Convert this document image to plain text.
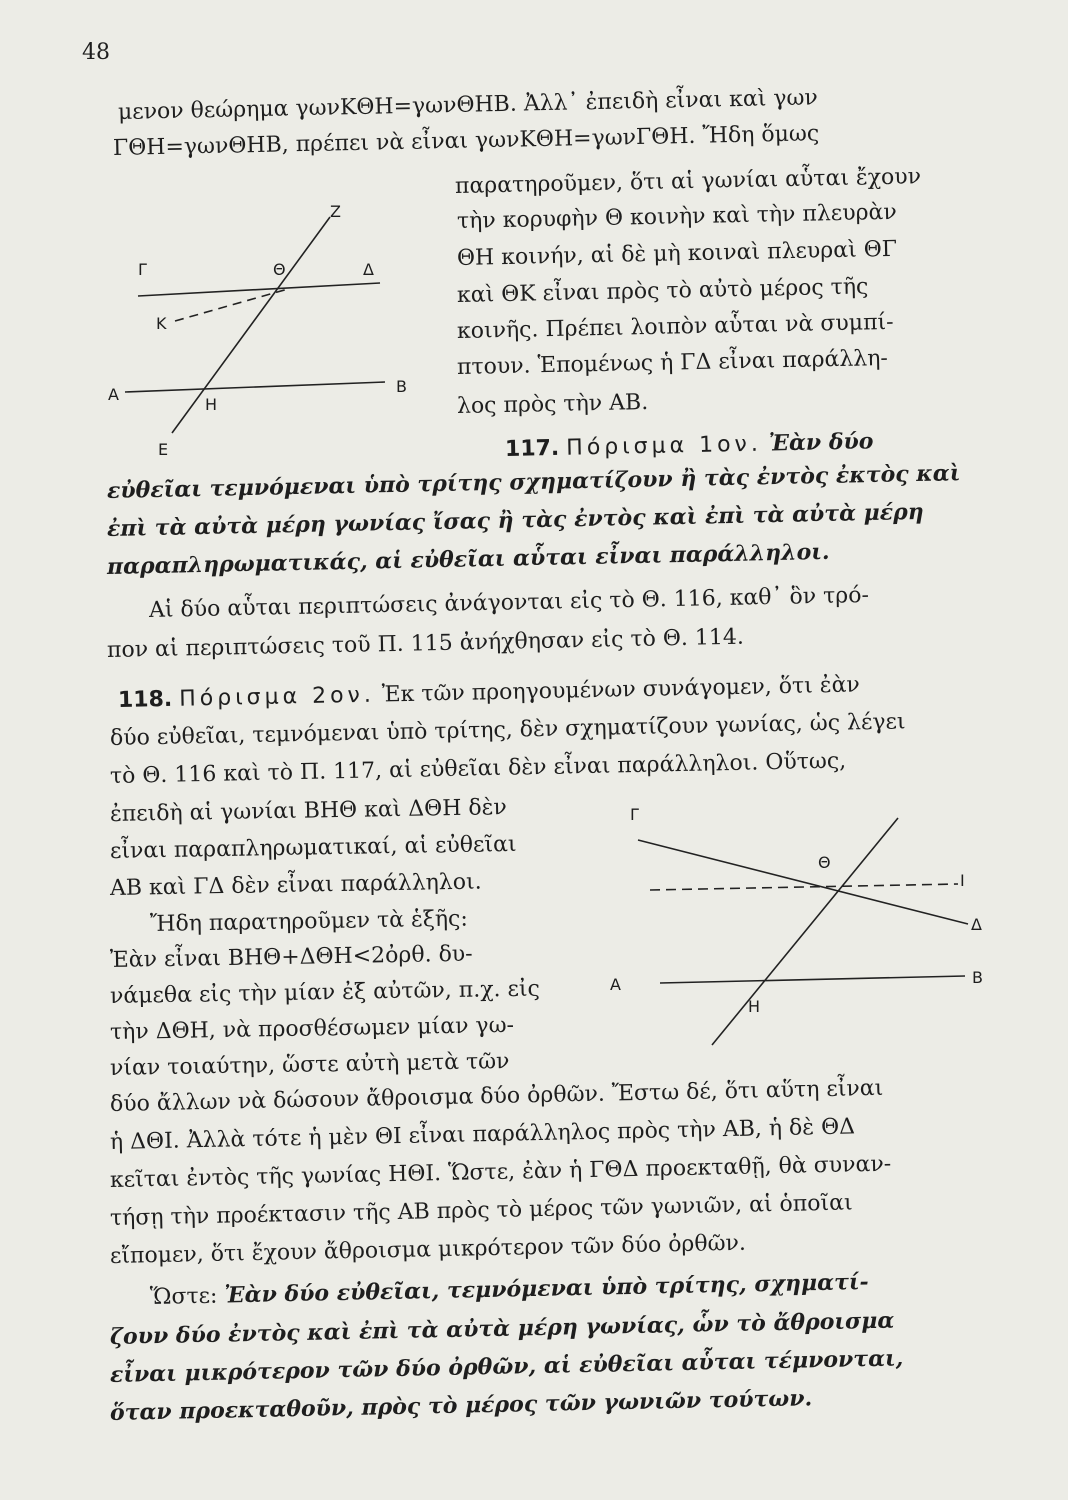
48
μενον θεώρημα γωνΚΘΗ=γωνΘΗΒ. Ἀλλ᾽ ἐπειδὴ εἶναι καὶ γων
ΓΘΗ=γωνΘΗΒ, πρέπει νὰ εἶναι γωνΚΘΗ=γωνΓΘΗ. Ἤδη ὅμως
παρατηροῦμεν, ὅτι αἱ γωνίαι αὗται ἔχουν
τὴν κορυφὴν Θ κοινὴν καὶ τὴν πλευρὰν
ΘΗ κοινήν, αἱ δὲ μὴ κοιναὶ πλευραὶ ΘΓ
καὶ ΘΚ εἶναι πρὸς τὸ αὐτὸ μέρος τῆς
κοινῆς. Πρέπει λοιπὸν αὗται νὰ συμπί-
πτουν. Ἑπομένως ἡ ΓΔ εἶναι παράλλη-
λος πρὸς τὴν ΑΒ.
Ζ
Γ	Θ	Δ
Κ
Α
Η
Β
Ε	117. Πόρισμα 1ον. Ἐὰν δύο
εὐθεῖαι τεμνόμεναι ὑπὸ τρίτης σχηματίζουν ἢ τὰς ἐντὸς ἐκτὸς καὶ
ἐπὶ τὰ αὐτὰ μέρη γωνίας ἴσας ἢ τὰς ἐντὸς καὶ ἐπὶ τὰ αὐτὰ μέρη
παραπληρωματικάς, αἱ εὐθεῖαι αὗται εἶναι παράλληλοι.
Αἱ δύο αὗται περιπτώσεις ἀνάγονται εἰς τὸ Θ. 116, καθ᾽ ὃν τρό-
πον αἱ περιπτώσεις τοῦ Π. 115 ἀνήχθησαν εἰς τὸ Θ. 114.
118. Πόρισμα 2ον. Ἐκ τῶν προηγουμένων συνάγομεν, ὅτι ἐὰν
δύο εὐθεῖαι, τεμνόμεναι ὑπὸ τρίτης, δὲν σχηματίζουν γωνίας, ὡς λέγει
τὸ Θ. 116 καὶ τὸ Π. 117, αἱ εὐθεῖαι δὲν εἶναι παράλληλοι. Οὕτως,
ἐπειδὴ αἱ γωνίαι ΒΗΘ καὶ ΔΘΗ δὲν
εἶναι παραπληρωματικαί, αἱ εὐθεῖαι
ΑΒ καὶ ΓΔ δὲν εἶναι παράλληλοι.
Ἤδη παρατηροῦμεν τὰ ἑξῆς:
Ἐὰν εἶναι ΒΗΘ+ΔΘΗ<2ὀρθ. δυ-
νάμεθα εἰς τὴν μίαν ἐξ αὐτῶν, π.χ. εἰς
τὴν ΔΘΗ, νὰ προσθέσωμεν μίαν γω-
νίαν τοιαύτην, ὥστε αὐτὴ μετὰ τῶν
Γ
Θ
Ι
Δ
Α	Β
Η
δύο ἄλλων νὰ δώσουν ἄθροισμα δύο ὀρθῶν. Ἔστω δέ, ὅτι αὕτη εἶναι
ἡ ΔΘΙ. Ἀλλὰ τότε ἡ μὲν ΘΙ εἶναι παράλληλος πρὸς τὴν ΑΒ, ἡ δὲ ΘΔ
κεῖται ἐντὸς τῆς γωνίας ΗΘΙ. Ὥστε, ἐὰν ἡ ΓΘΔ προεκταθῇ, θὰ συναν-
τήσῃ τὴν προέκτασιν τῆς ΑΒ πρὸς τὸ μέρος τῶν γωνιῶν, αἱ ὁποῖαι
εἴπομεν, ὅτι ἔχουν ἄθροισμα μικρότερον τῶν δύο ὀρθῶν.
Ὥστε: Ἐὰν δύο εὐθεῖαι, τεμνόμεναι ὑπὸ τρίτης, σχηματί-
ζουν δύο ἐντὸς καὶ ἐπὶ τὰ αὐτὰ μέρη γωνίας, ὧν τὸ ἄθροισμα
εἶναι μικρότερον τῶν δύο ὀρθῶν, αἱ εὐθεῖαι αὗται τέμνονται,
ὅταν προεκταθοῦν, πρὸς τὸ μέρος τῶν γωνιῶν τούτων.
